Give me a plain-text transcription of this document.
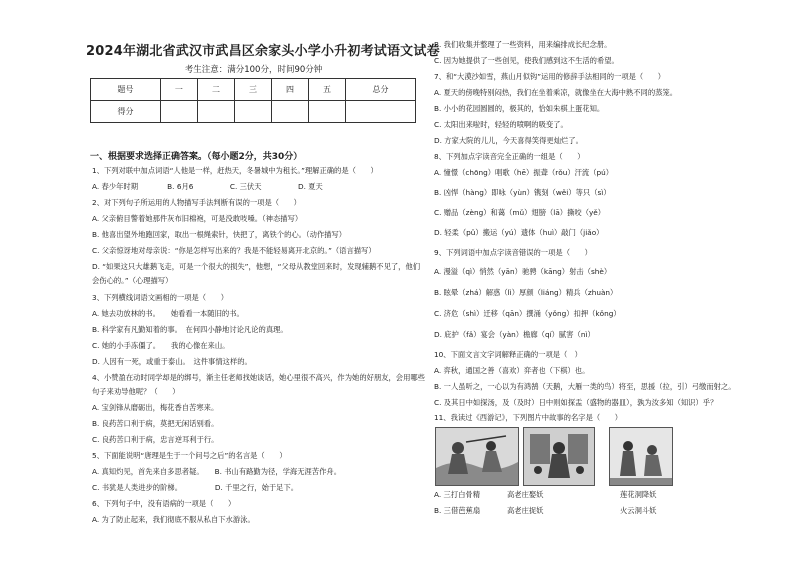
2024年湖北省武汉市武昌区余家头小学小升初考试语文试卷
考生注意：满分100分，时间90分钟
题号	一	二	三	四	五	总分
得分						
一、根据要求选择正确答案。（每小题2分，共30分）
1、下列对联中加点词语“人他是一样，赶热天，冬暑城中为租长。”理解正确的是（　　）
A. 春少年时期　　　　B. 6月6　　　　　C. 三伏天　　　　　D. 夏天
2、对下列句子所运用的人物描写手法判断有误的一项是（　　）
A. 父亲俯目警着她那件灰布旧棉袍，可是没敢吱嗓。（神态描写）
B. 他喜出望外地跑回家，取出一根绳索针，快把了，离铁个的心。（动作描写）
C. 父亲惊讶地对母亲说：“你是怎样写出来的？我是不能轻易离开北京的。”（语言描写）
D. “如果这只大雄鹅飞走，可是一个很大的损失”，他想，“父母从教堂回来时，发现辅鹅不见了，他们
会伤心的。”（心理描写）
3、下列横线词语文画相的一项是（　　）
A. 她去功放林的书。　　她看看一本随旧的书。
B. 科学家有凡勤知着的事。　在何四小静地讨论凡论的真理。
C. 她的小手冻僵了。　　我的心像在来山。
D. 人因有一死，或重于泰山。　这件事情这样的。
4、小赞盈在动时同学却是的绑号，渐主任老师找她谈话，她心里很不高兴，作为她的好朋友，会用哪些
句子来劝导他呢？（　　）
A. 宝剑锋从磨砺出，梅花香自苦寒来。
B. 良药苦口利于病，莫把无闲话别看。
C. 良药苦口利于病，忠言逆耳利于行。
5、下面能说明“唐理是生于一个问号之后”的名言是（　　）
A. 真知灼见，首先来自多思者疑。　　B. 书山有路勤为径，学海无涯苦作舟。
C. 书犹是人类进步的阶梯。　　　　　D. 千里之行，始于足下。
6、下列句子中，没有语病的一项是（　　）
A. 为了防止起来，我们彻底不服从私自下水游泳。
B. 我们收集并整理了一些资料，用来编排成长纪念册。
C. 因为她提供了一些创见，使我们感到这不生活的希望。
7、和“大漠沙如雪，燕山月似钩”运用的修辞手法相同的一项是（　　）
A. 夏天的傍晚特别闷热，我们在坐着乘凉，就像坐在大海中熟不同的蒸笼。
B. 小小的花园圆圆的，极其的，恰如朱棋上蛋花知。
C. 太阳出来啦时，轻轻的喷啊的吸变了。
D. 方家大院的儿儿，今天喜得笑得更灿烂了。
8、下列加点字读音完全正确的一组是（　　）
A. 憧憬（chōng）唱歌（hē）振聋（rǒu）汗流（pú）
B. 凶悍（hàng）即咏（yùn）镌刻（wěi）等只（sì）
C. 赠品（zèng）和蔼（mǔ）翅膀（lā）撕咬（yě）
D. 轻柔（pǔ）搬运（yú）遗体（huì）敲门（jiǎo）
9、下列词语中加点字读音错误的一项是（　　）
A. 漫溢（qì）悄然（yān）驰骋（kāng）射击（shè）
B. 眩晕（zhá）解惑（lì）厚颜（liáng）精兵（zhuàn）
C. 济危（shì）迁移（qān）撰涌（yǒng）扣押（kǒng）
D. 庇护（fǎ）宴会（yàn）檐廊（qí）腻害（nì）
10、下面文言文字词解释正确的一项是（　）
A. 弈秋，通国之善（喜欢）弈者也（下棋）也。
B. 一人虽听之，一心以为有鸿鹄（天鹅，大雁一类的鸟）将至，思援（拉，引）弓缴而射之。
C. 及其日中如探汤，及（及时）日中则如探盂（盛物的器皿），孰为汝多知（知识）乎？
11、我读过《西游记》，下列图片中故事的名字是（　　）
A. 三打白骨精	高老庄娶妖	莲花洞降妖
B. 三借芭蕉扇	高老庄捉妖	火云洞斗妖
